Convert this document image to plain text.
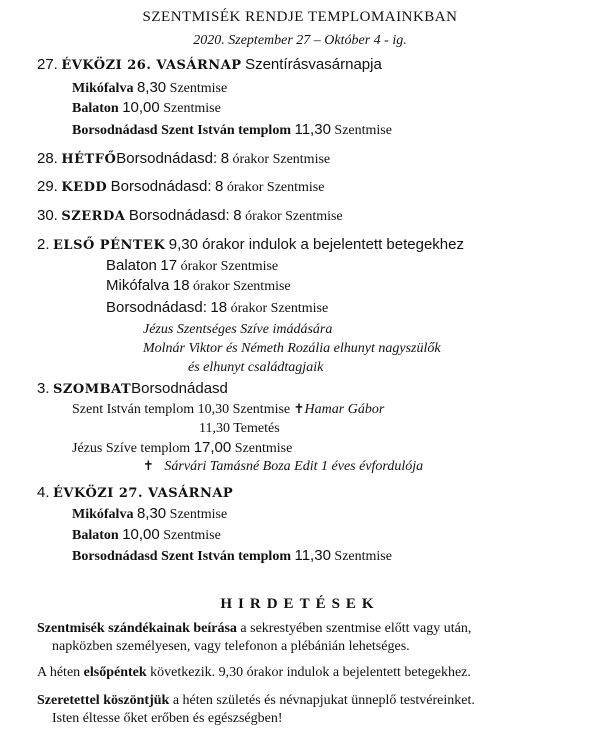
SZENTMISÉK RENDJE TEMPLOMAINKBAN
2020. Szeptember 27 – Október 4 - ig.
27. ÉVKÖZI 26. VASÁRNAP Szentírásvasárnapja
Mikófalva 8,30 Szentmise
Balaton 10,00 Szentmise
Borsodnádasd Szent István templom 11,30 Szentmise
28. HÉTFŐBorsodnádasd: 8 órakor Szentmise
29. KEDD Borsodnádasd: 8 órakor Szentmise
30. SZERDA Borsodnádasd: 8 órakor Szentmise
2. ELSŐ PÉNTEK 9,30 órakor indulok a bejelentett betegekhez
Balaton 17 órakor Szentmise
Mikófalva 18 órakor Szentmise
Borsodnádasd: 18 órakor Szentmise
Jézus Szentséges Szíve imádására
Molnár Viktor és Németh Rozália elhunyt nagyszülők
és elhunyt családtagjaik
3. SZOMBATBorsodnádasd
Szent István templom 10,30 Szentmise ✝Hamar Gábor
11,30 Temetés
Jézus Szíve templom 17,00 Szentmise
✝ Sárvári Tamásné Boza Edit 1 éves évfordulója
4. ÉVKÖZI 27. VASÁRNAP
Mikófalva 8,30 Szentmise
Balaton 10,00 Szentmise
Borsodnádasd Szent István templom 11,30 Szentmise
HIRDETÉSEK
Szentmisék szándékainak beírása a sekrestyében szentmise előtt vagy után,
napközben személyesen, vagy telefonon a plébánián lehetséges.
A héten elsőpéntek következik. 9,30 órakor indulok a bejelentett betegekhez.
Szeretettel köszöntjük a héten születés és névnapjukat ünneplő testvéreinket.
Isten éltesse őket erőben és egészségben!
